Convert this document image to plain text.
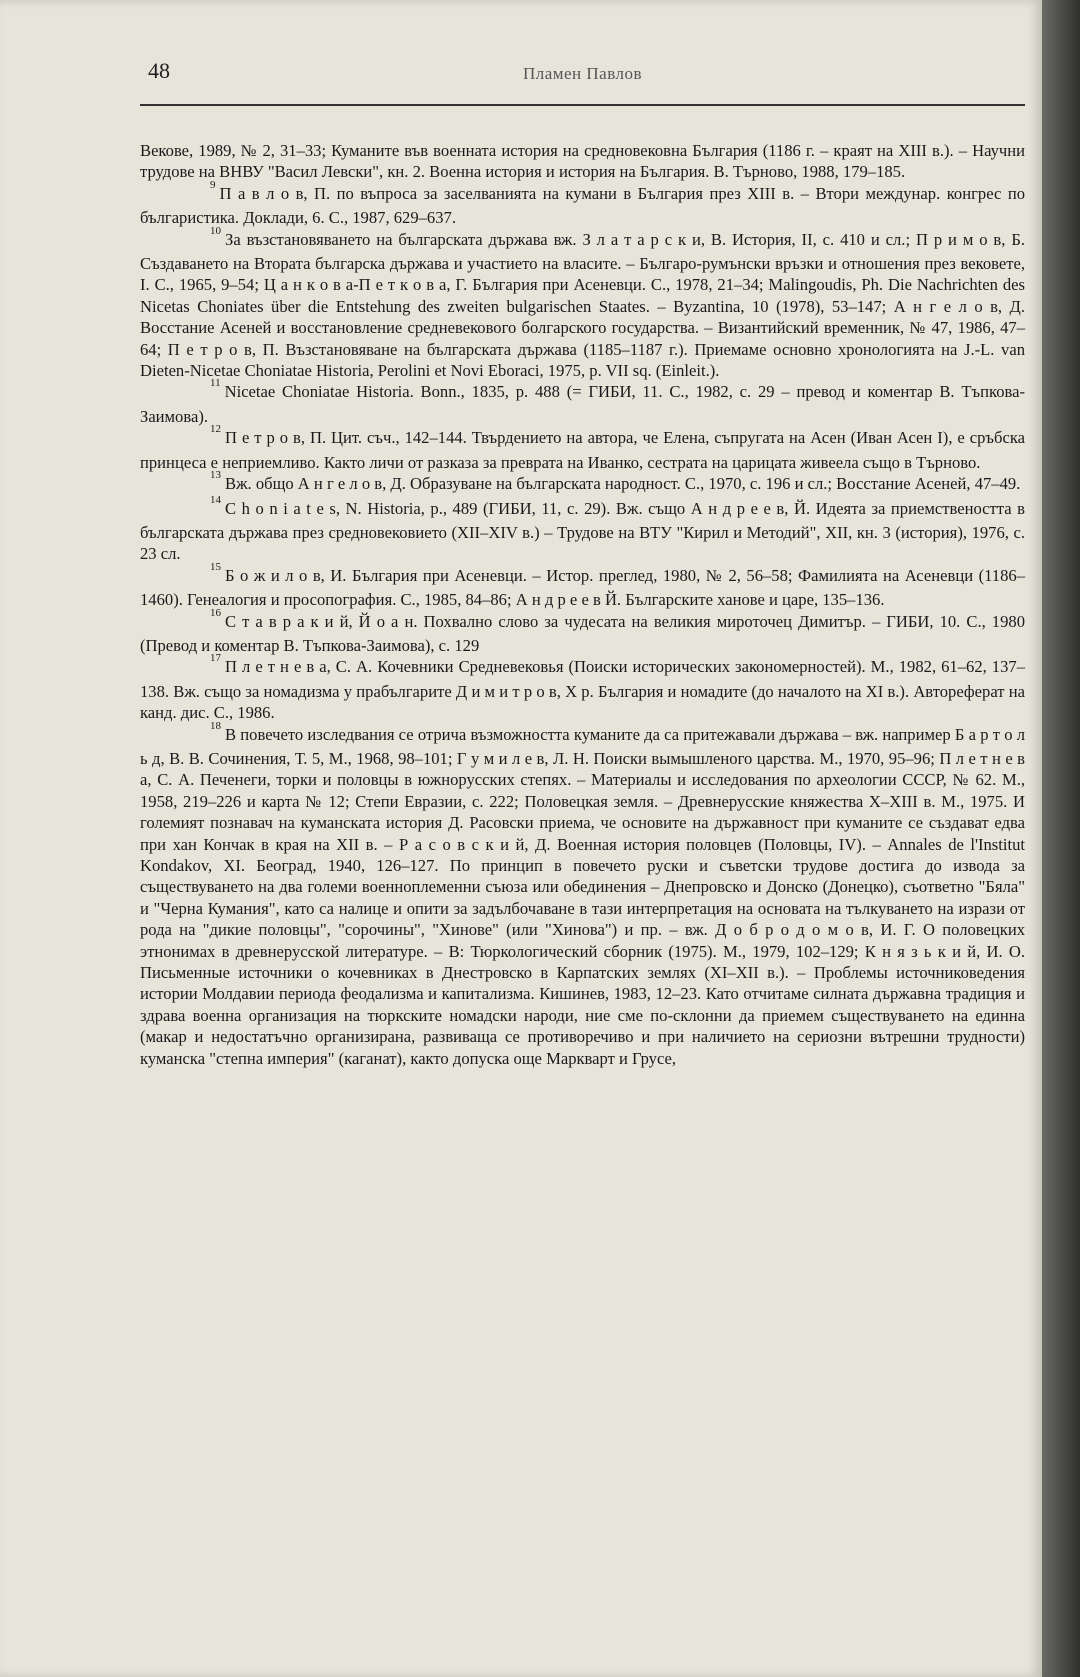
48	Пламен Павлов

Векове, 1989, № 2, 31–33; Куманите във военната история на средновековна България (1186 г. – краят на XIII в.). – Научни трудове на ВНВУ "Васил Левски", кн. 2. Военна история и история на България. В. Търново, 1988, 179–185.

$^9$ П а в л о в, П. по въпроса за заселванията на кумани в България през XIII в. – Втори междунар. конгрес по българистика. Доклади, 6. С., 1987, 629–637.

$^{10}$ За възстановяването на българската държава вж. З л а т а р с к и, В. История, II, с. 410 и сл.; П р и м о в, Б. Създаването на Втората българска държава и участието на власите. – Българо-румънски връзки и отношения през вековете, I. С., 1965, 9–54; Ц а н к о в а-П е т к о в а, Г. България при Асеневци. С., 1978, 21–34; Malingoudis, Ph. Die Nachrichten des Nicetas Choniates über die Entstehung des zweiten bulgarischen Staates. – Byzantina, 10 (1978), 53–147; А н г е л о в, Д. Восстание Асеней и восстановление средневекового болгарского государства. – Византийский временник, № 47, 1986, 47–64; П е т р о в, П. Възстановяване на българската държава (1185–1187 г.). Приемаме основно хронологията на J.-L. van Dieten-Nicetae Choniatae Historia, Perolini et Novi Eboraci, 1975, p. VII sq. (Einleit.).

$^{11}$ Nicetae Choniatae Historia. Bonn., 1835, p. 488 (= ГИБИ, 11. С., 1982, с. 29 – превод и коментар В. Тъпкова-Заимова).

$^{12}$ П е т р о в, П. Цит. съч., 142–144. Твърдението на автора, че Елена, съпругата на Асен (Иван Асен I), е сръбска принцеса е неприемливо. Както личи от разказа за превратa на Иванко, сестрата на царицата живеела също в Търново.

$^{13}$ Вж. общо А н г е л о в, Д. Образуване на българската народност. С., 1970, с. 196 и сл.; Восстание Асеней, 47–49.

$^{14}$ C h o n i a t e s, N. Historia, p., 489 (ГИБИ, 11, с. 29). Вж. също А н д р е е в, Й. Идеята за приемствеността в българската държава през средновековието (XII–XIV в.) – Трудове на ВТУ "Кирил и Методий", XII, кн. 3 (история), 1976, с. 23 сл.

$^{15}$ Б о ж и л о в, И. България при Асеневци. – Истор. преглед, 1980, № 2, 56–58; Фамилията на Асеневци (1186–1460). Генеалогия и просопография. С., 1985, 84–86; А н д р е е в Й. Българските ханове и царе, 135–136.

$^{16}$ С т а в р а к и й, Й о а н. Похвално слово за чудесата на великия мироточец Димитър. – ГИБИ, 10. С., 1980 (Превод и коментар В. Тъпкова-Заимова), с. 129

$^{17}$ П л е т н е в а, С. А. Кочевники Средневековья (Поиски исторических закономерностей). М., 1982, 61–62, 137–138. Вж. също за номадизма у прабългарите Д и м и т р о в, Х р. България и номадите (до началото на XI в.). Автореферат на канд. дис. С., 1986.

$^{18}$ В повечето изследвания се отрича възможността куманите да са притежавали държава – вж. например Б а р т о л ь д, В. В. Сочинения, Т. 5, М., 1968, 98–101; Г у м и л е в, Л. Н. Поиски вымышленого царства. М., 1970, 95–96; П л е т н е в а, С. А. Печенеги, торки и половцы в южнорусских степях. – Материалы и исследования по археологии СССР, № 62. М., 1958, 219–226 и карта № 12; Степи Евразии, с. 222; Половецкая земля. – Древнерусские княжества X–XIII в. М., 1975. И големият познавач на куманската история Д. Расовски приема, че основите на държавност при куманите се създават едва при хан Кончак в края на XII в. – Р а с о в с к и й, Д. Военная история половцев (Половцы, IV). – Annales de l'Institut Kondakov, XI. Београд, 1940, 126–127. По принцип в повечето руски и съветски трудове достига до извода за съществуването на два големи военноплеменни съюза или обединения – Днепровско и Донско (Донецко), съответно "Бяла" и "Черна Кумания", като са налице и опити за задълбочаване в тази интерпретация на основата на тълкуването на изрази от рода на "дикие половцы", "сорочины", "Хинове" (или "Хинова") и пр. – вж. Д о б р о д о м о в, И. Г. О половецких этнонимах в древнерусской литературе. – В: Тюркологический сборник (1975). М., 1979, 102–129; К н я з ь к и й, И. О. Письменные источники о кочевниках в Днестровско в Карпатских землях (XI–XII в.). – Проблемы источниковедения истории Молдавии периода феодализма и капитализма. Кишинев, 1983, 12–23. Като отчитаме силната държавна традиция и здрава военна организация на тюркските номадски народи, ние сме по-склонни да приемем съществуването на единна (макар и недостатъчно организирана, развиваща се противоречиво и при наличието на сериозни вътрешни трудности) куманска "степна империя" (каганат), както допуска още Маркварт и Грусе,
